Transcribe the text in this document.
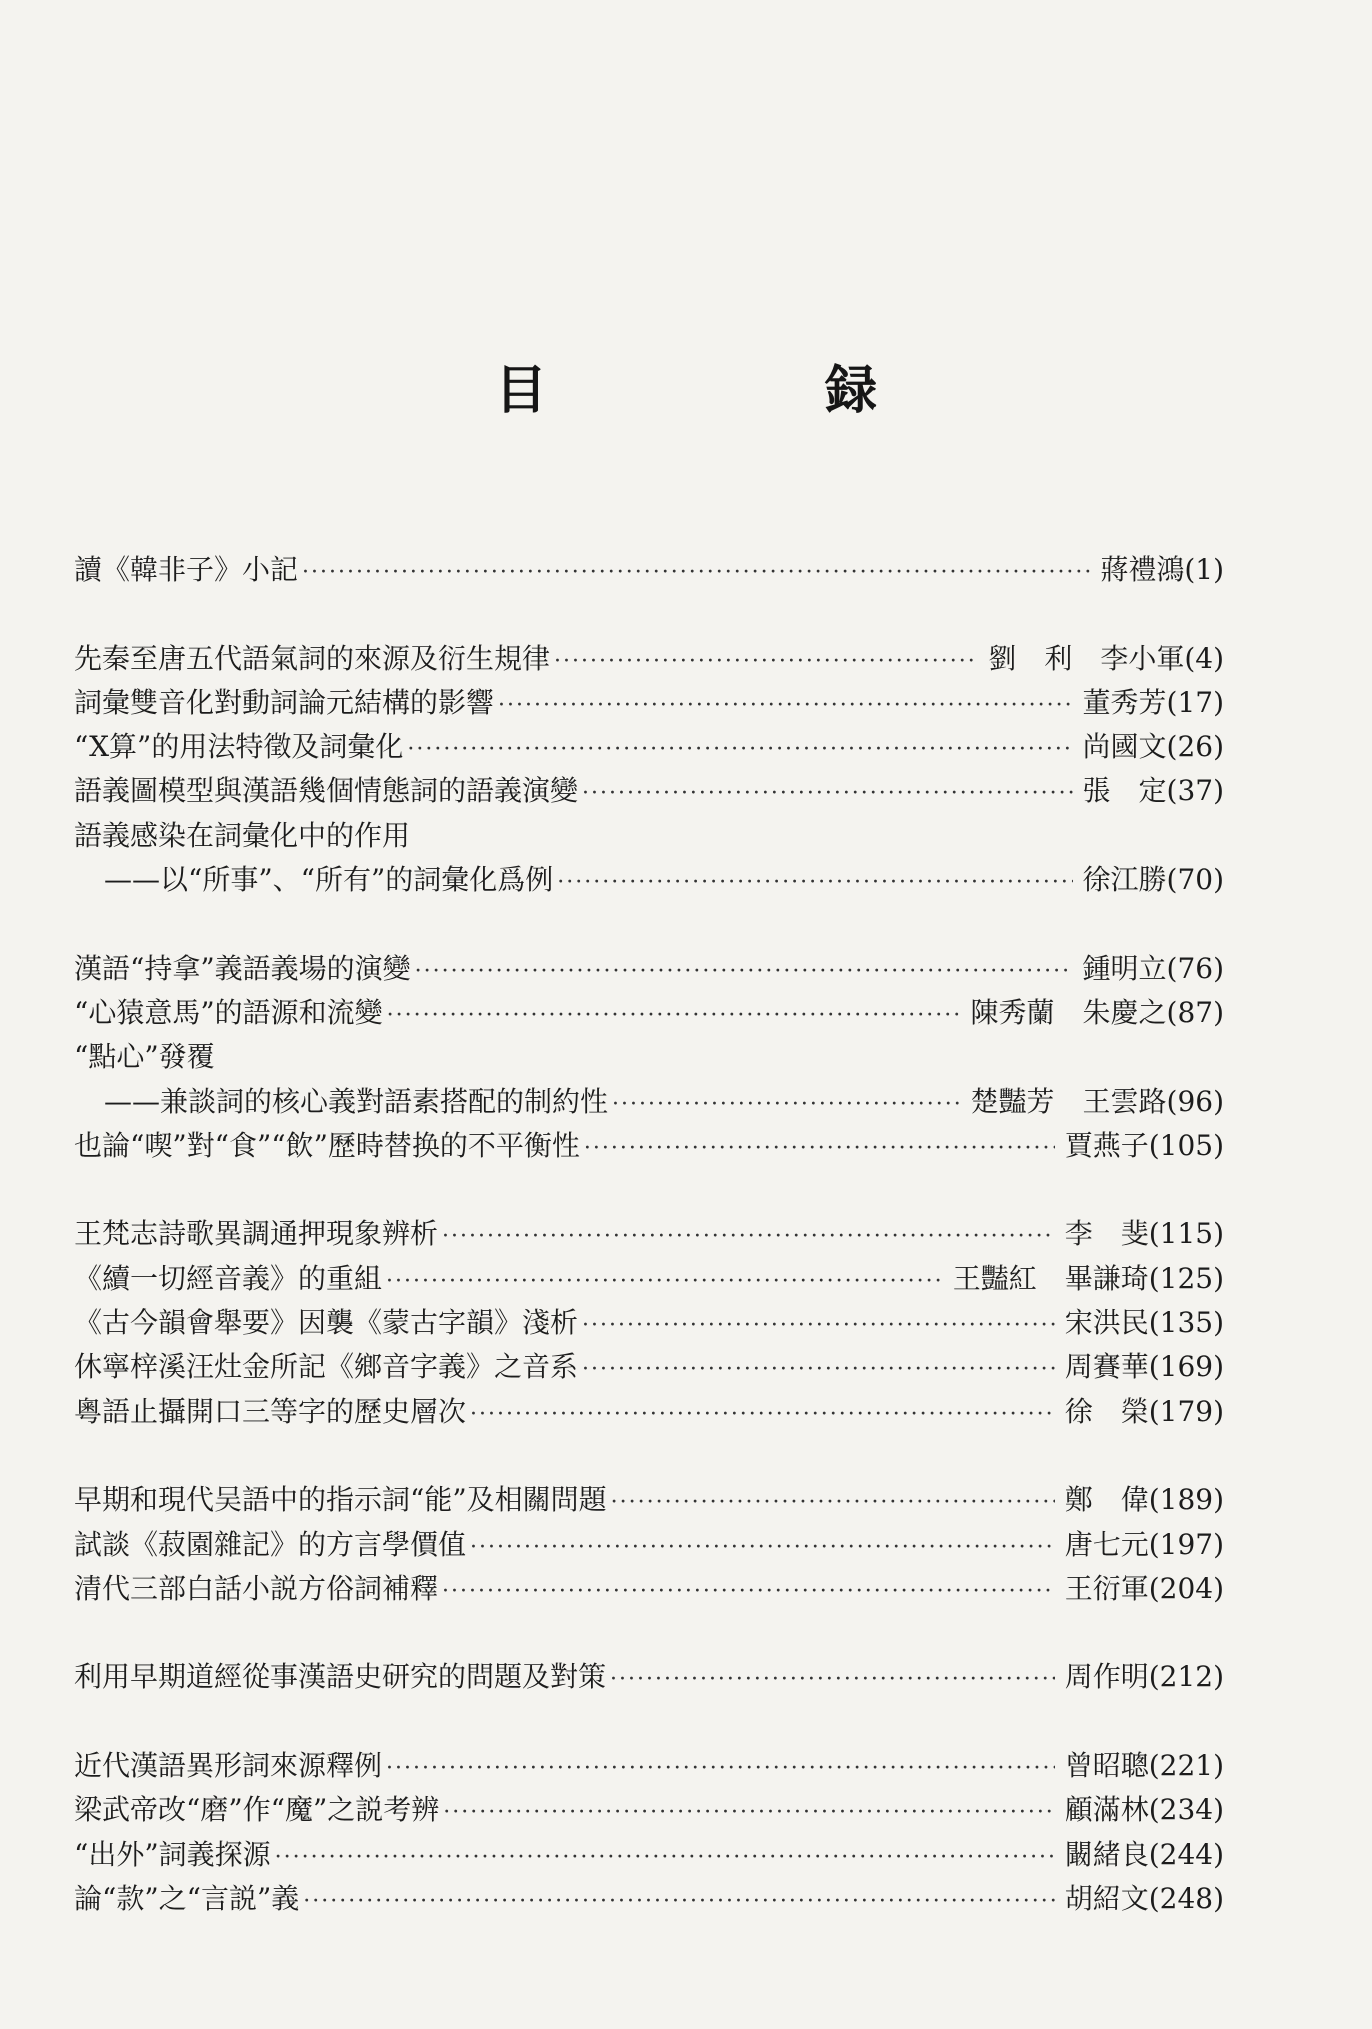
目 録
讀《韓非子》小記 ·····	蔣禮鴻(1)
先秦至唐五代語氣詞的來源及衍生規律 ·····	劉　利　李小軍(4)
詞彙雙音化對動詞論元結構的影響 ·····	董秀芳(17)
“X算”的用法特徵及詞彙化 ·····	尚國文(26)
語義圖模型與漢語幾個情態詞的語義演變 ·····	張　定(37)
語義感染在詞彙化中的作用
——以“所事”、“所有”的詞彙化爲例 ·····	徐江勝(70)
漢語“持拿”義語義場的演變 ·····	鍾明立(76)
“心猿意馬”的語源和流變 ·····	陳秀蘭　朱慶之(87)
“點心”發覆
——兼談詞的核心義對語素搭配的制約性 ·····	楚豔芳　王雲路(96)
也論“喫”對“食”“飲”歷時替换的不平衡性 ·····	賈燕子(105)
王梵志詩歌異調通押現象辨析 ·····	李　斐(115)
《續一切經音義》的重組 ·····	王豔紅　畢謙琦(125)
《古今韻會舉要》因襲《蒙古字韻》淺析 ·····	宋洪民(135)
休寧梓溪汪灶金所記《鄉音字義》之音系 ·····	周賽華(169)
粵語止攝開口三等字的歷史層次 ·····	徐　榮(179)
早期和現代吴語中的指示詞“能”及相關問題 ·····	鄭　偉(189)
試談《菽園雜記》的方言學價值 ·····	唐七元(197)
清代三部白話小説方俗詞補釋 ·····	王衍軍(204)
利用早期道經從事漢語史研究的問題及對策 ·····	周作明(212)
近代漢語異形詞來源釋例 ·····	曾昭聰(221)
梁武帝改“磨”作“魔”之説考辨 ·····	顧滿林(234)
“出外”詞義探源 ·····	闞緒良(244)
論“款”之“言説”義 ·····	胡紹文(248)
